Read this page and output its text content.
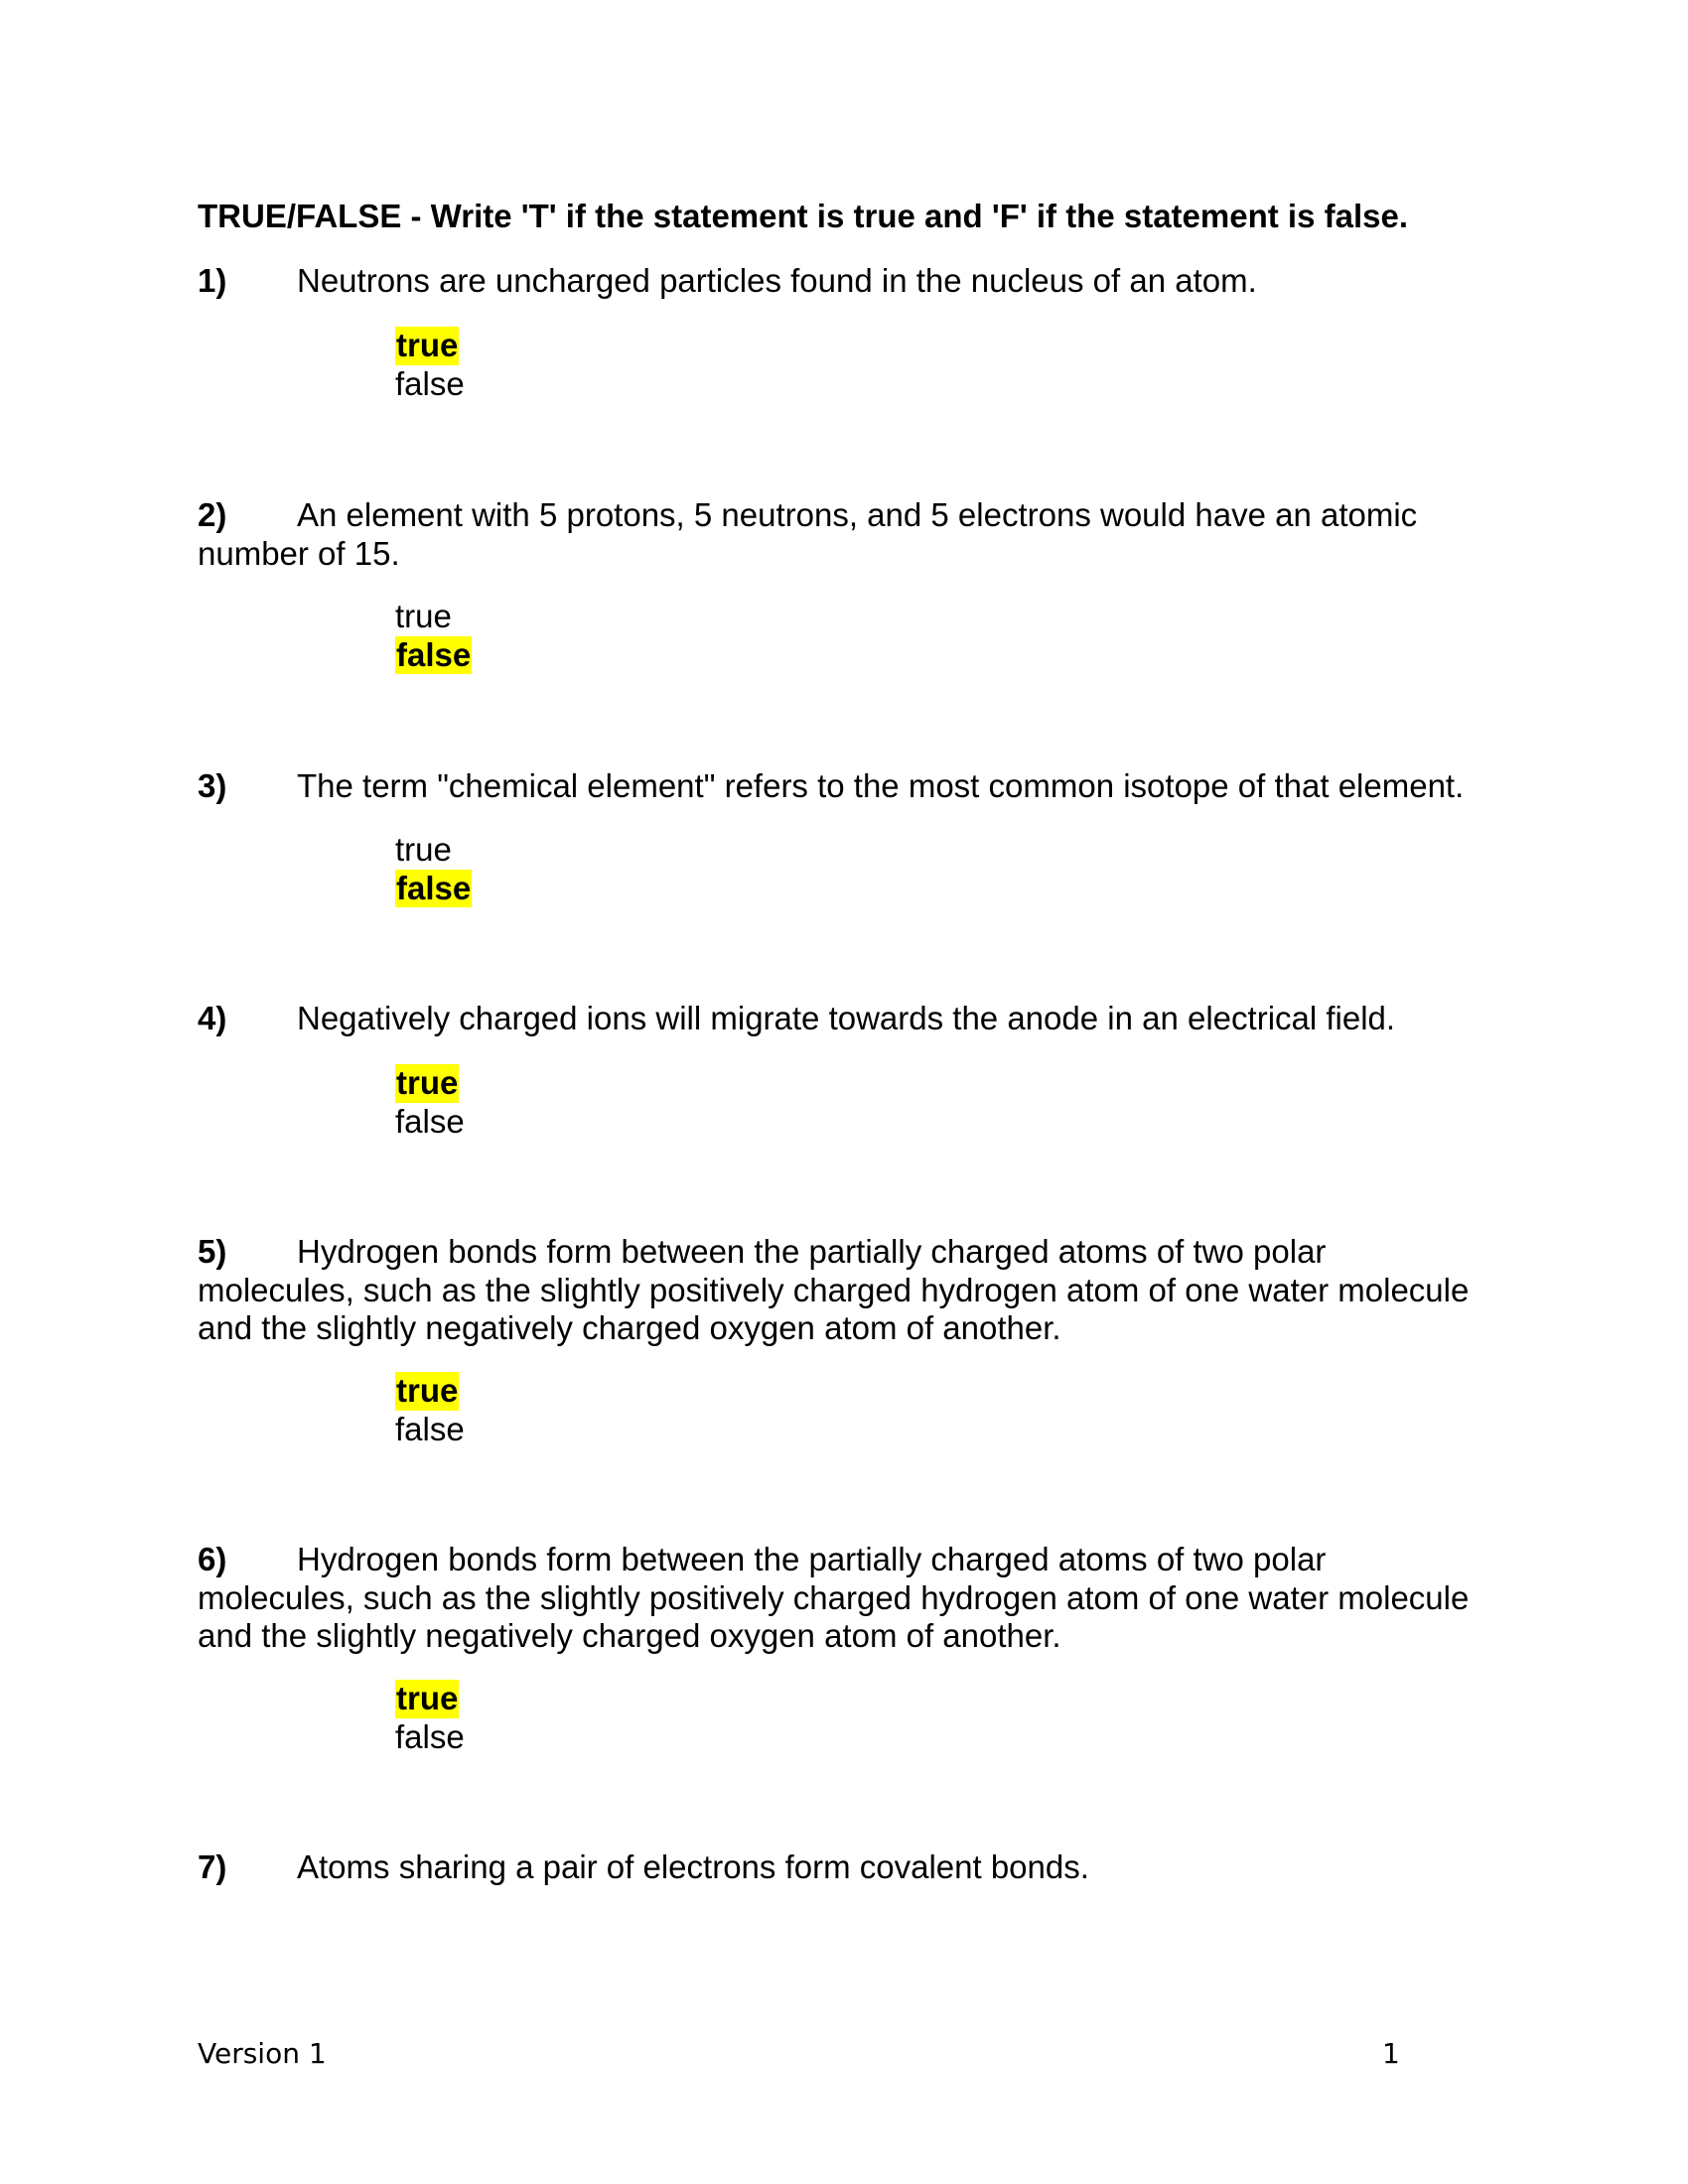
TRUE/FALSE - Write 'T' if the statement is true and 'F' if the statement is false.
1) Neutrons are uncharged particles found in the nucleus of an atom.
true
false
2) An element with 5 protons, 5 neutrons, and 5 electrons would have an atomic number of 15.
true
false
3) The term "chemical element" refers to the most common isotope of that element.
true
false
4) Negatively charged ions will migrate towards the anode in an electrical field.
true
false
5) Hydrogen bonds form between the partially charged atoms of two polar molecules, such as the slightly positively charged hydrogen atom of one water molecule and the slightly negatively charged oxygen atom of another.
true
false
6) Hydrogen bonds form between the partially charged atoms of two polar molecules, such as the slightly positively charged hydrogen atom of one water molecule and the slightly negatively charged oxygen atom of another.
true
false
7) Atoms sharing a pair of electrons form covalent bonds.
Version 1	1
